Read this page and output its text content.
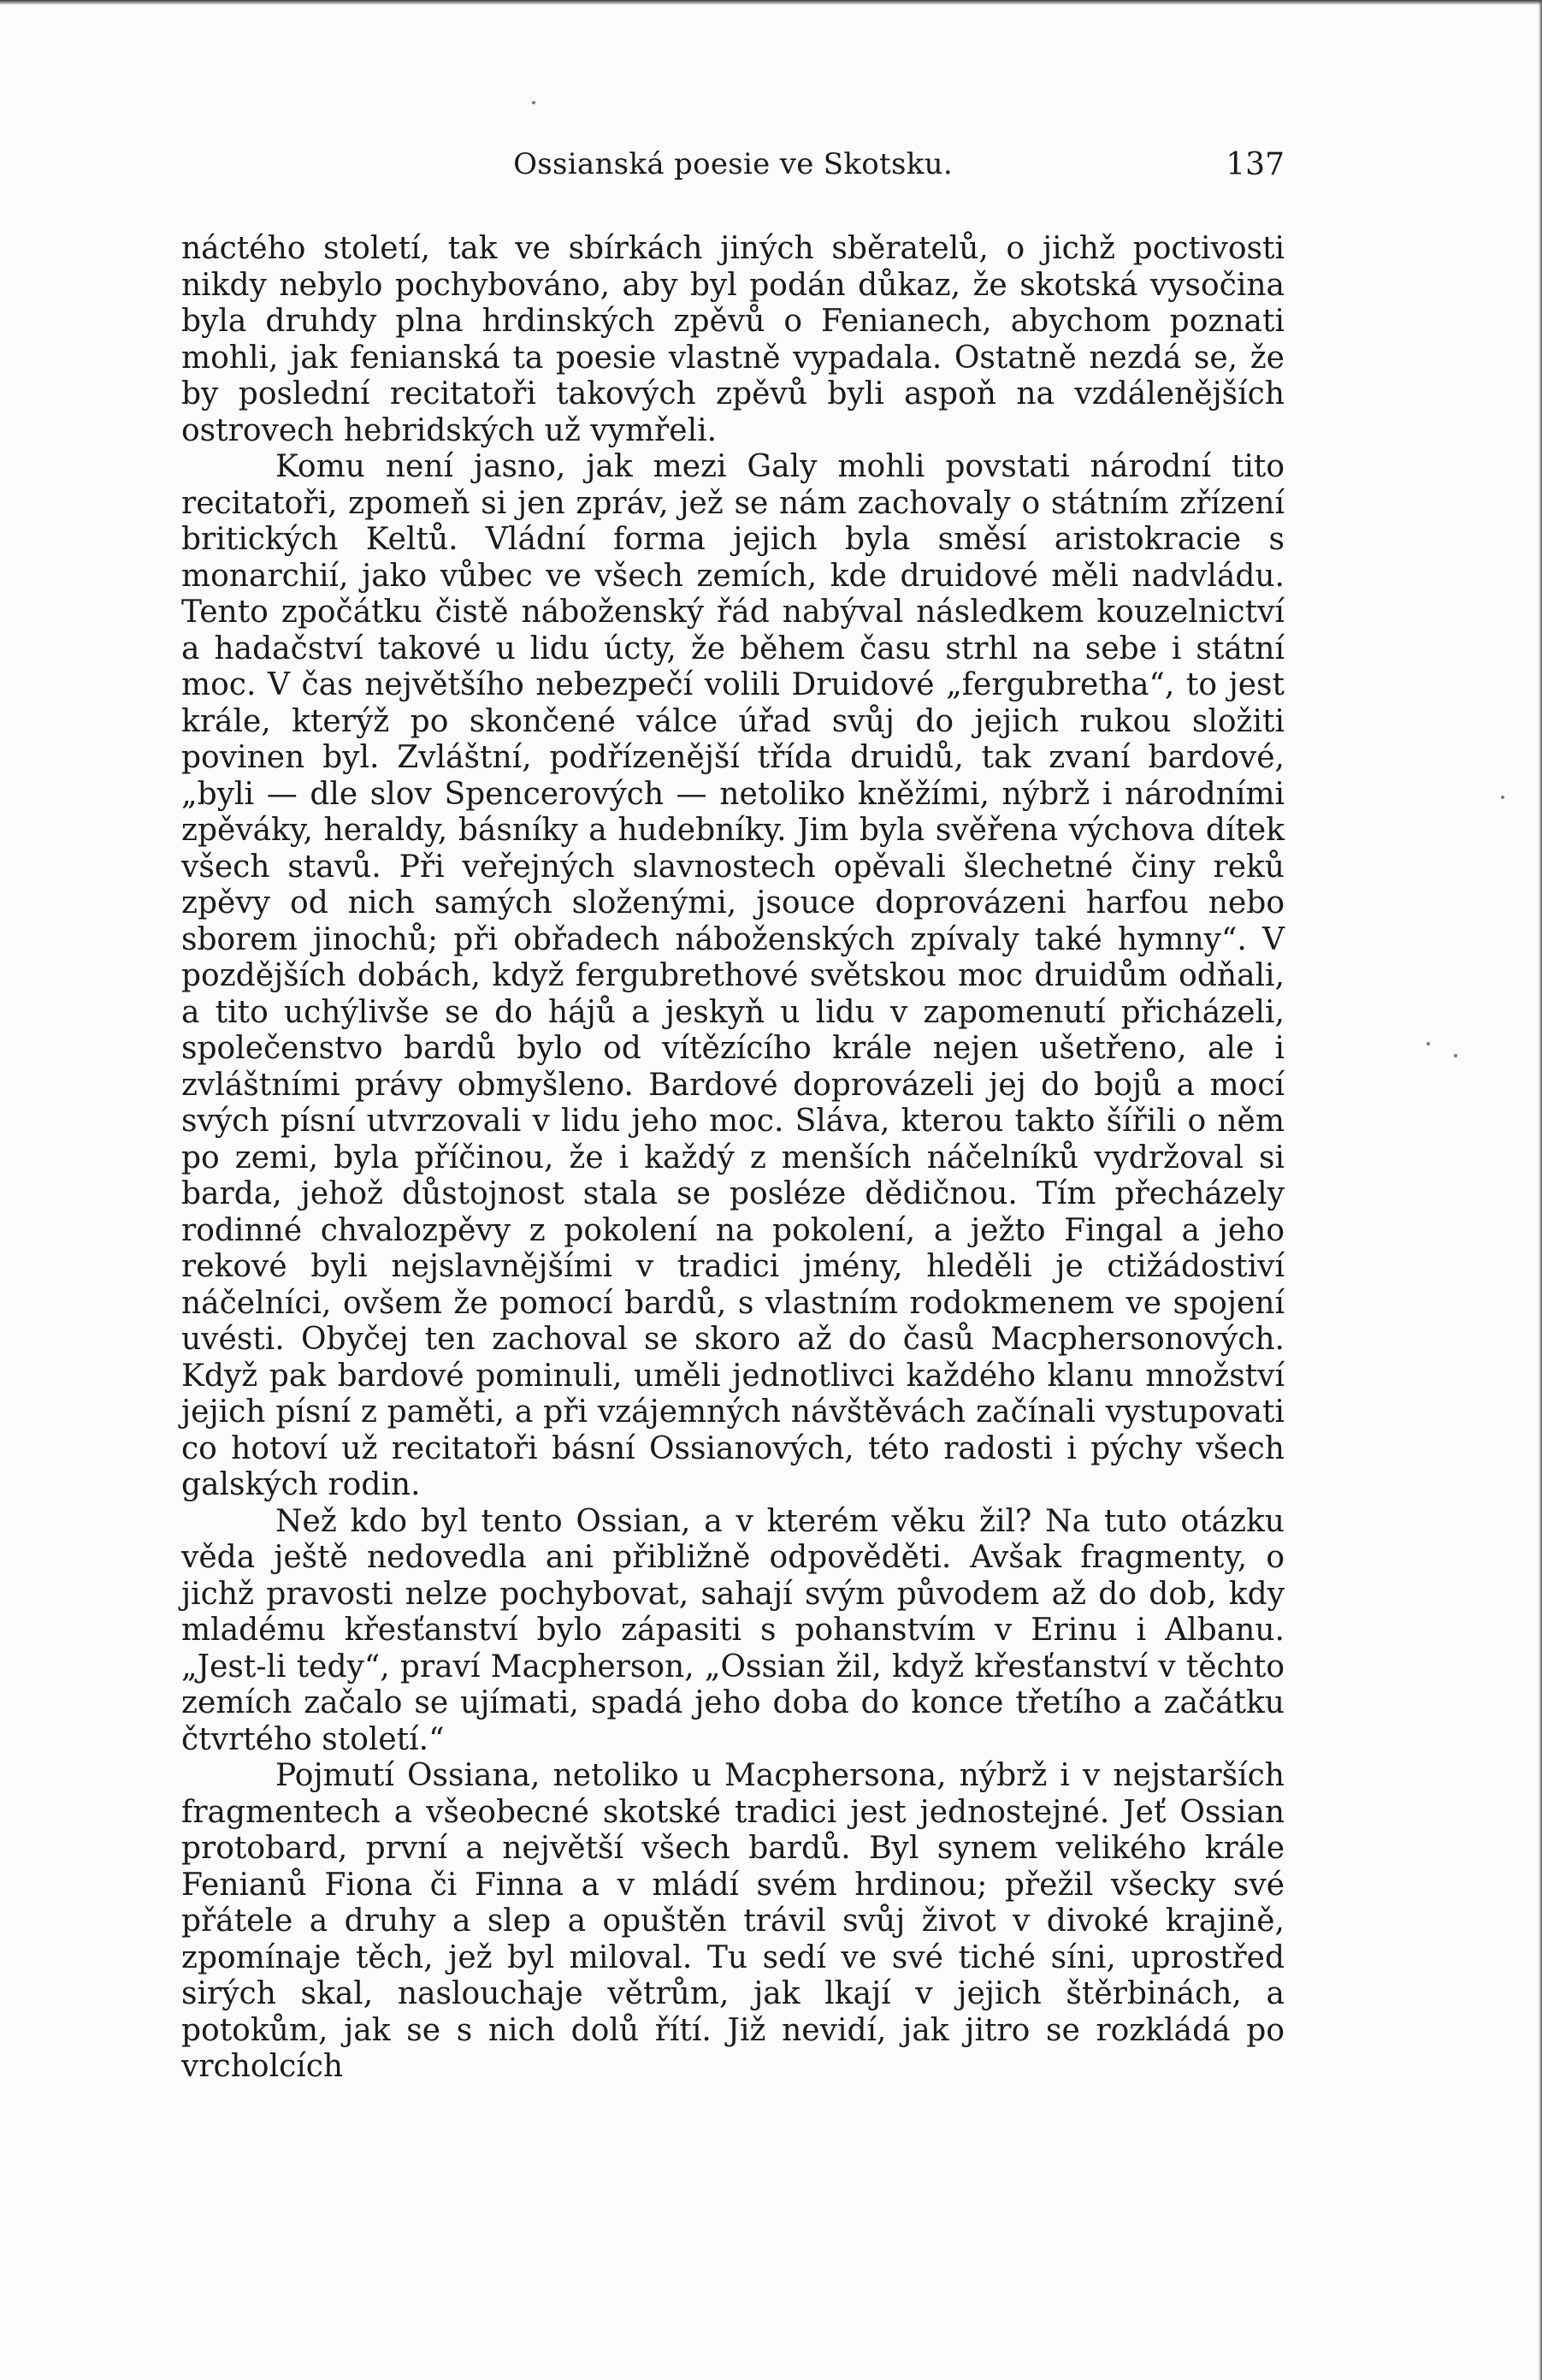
Ossianská poesie ve Skotsku.	137

náctého století, tak ve sbírkách jiných sběratelů, o jichž poctivosti nikdy nebylo pochybováno, aby byl podán důkaz, že skotská vysočina byla druhdy plna hrdinských zpěvů o Fenianech, abychom poznati mohli, jak fenianská ta poesie vlastně vypadala. Ostatně nezdá se, že by poslední recitatoři takových zpěvů byli aspoň na vzdálenějších ostrovech hebridských už vymřeli.

Komu není jasno, jak mezi Galy mohli povstati národní tito recitatoři, zpomeň si jen zpráv, jež se nám zachovaly o státním zřízení britických Keltů. Vládní forma jejich byla směsí aristokracie s monarchií, jako vůbec ve všech zemích, kde druidové měli nadvládu. Tento zpočátku čistě náboženský řád nabýval následkem kouzelnictví a hadačství takové u lidu úcty, že během času strhl na sebe i státní moc. V čas největšího nebezpečí volili Druidové „fergubretha“, to jest krále, kterýž po skončené válce úřad svůj do jejich rukou složiti povinen byl. Zvláštní, podřízenější třída druidů, tak zvaní bardové, „byli — dle slov Spencerových — netoliko kněžími, nýbrž i národními zpěváky, heraldy, básníky a hudebníky. Jim byla svěřena výchova dítek všech stavů. Při veřejných slavnostech opěvali šlechetné činy reků zpěvy od nich samých složenými, jsouce doprovázeni harfou nebo sborem jinochů; při obřadech náboženských zpívaly také hymny“. V pozdějších dobách, když fergubrethové světskou moc druidům odňali, a tito uchýlivše se do hájů a jeskyň u lidu v zapomenutí přicházeli, společenstvo bardů bylo od vítězícího krále nejen ušetřeno, ale i zvláštními právy obmyšleno. Bardové doprovázeli jej do bojů a mocí svých písní utvrzovali v lidu jeho moc. Sláva, kterou takto šířili o něm po zemi, byla příčinou, že i každý z menších náčelníků vydržoval si barda, jehož důstojnost stala se posléze dědičnou. Tím přecházely rodinné chvalozpěvy z pokolení na pokolení, a ježto Fingal a jeho rekové byli nejslavnějšími v tradici jmény, hleděli je ctižádostiví náčelníci, ovšem že pomocí bardů, s vlastním rodokmenem ve spojení uvésti. Obyčej ten zachoval se skoro až do časů Macphersonových. Když pak bardové pominuli, uměli jednotlivci každého klanu množství jejich písní z paměti, a při vzájemných návštěvách začínali vystupovati co hotoví už recitatoři básní Ossianových, této radosti i pýchy všech galských rodin.

Než kdo byl tento Ossian, a v kterém věku žil? Na tuto otázku věda ještě nedovedla ani přibližně odpověděti. Avšak fragmenty, o jichž pravosti nelze pochybovat, sahají svým původem až do dob, kdy mladému křesťanství bylo zápasiti s pohanstvím v Erinu i Albanu. „Jest-li tedy“, praví Macpherson, „Ossian žil, když křesťanství v těchto zemích začalo se ujímati, spadá jeho doba do konce třetího a začátku čtvrtého století.“

Pojmutí Ossiana, netoliko u Macphersona, nýbrž i v nejstarších fragmentech a všeobecné skotské tradici jest jednostejné. Jeť Ossian protobard, první a největší všech bardů. Byl synem velikého krále Fenianů Fiona či Finna a v mládí svém hrdinou; přežil všecky své přátele a druhy a slep a opuštěn trávil svůj život v divoké krajině, zpomínaje těch, jež byl miloval. Tu sedí ve své tiché síni, uprostřed sirých skal, naslouchaje větrům, jak lkají v jejich štěrbinách, a potokům, jak se s nich dolů řítí. Již nevidí, jak jitro se rozkládá po vrcholcích
